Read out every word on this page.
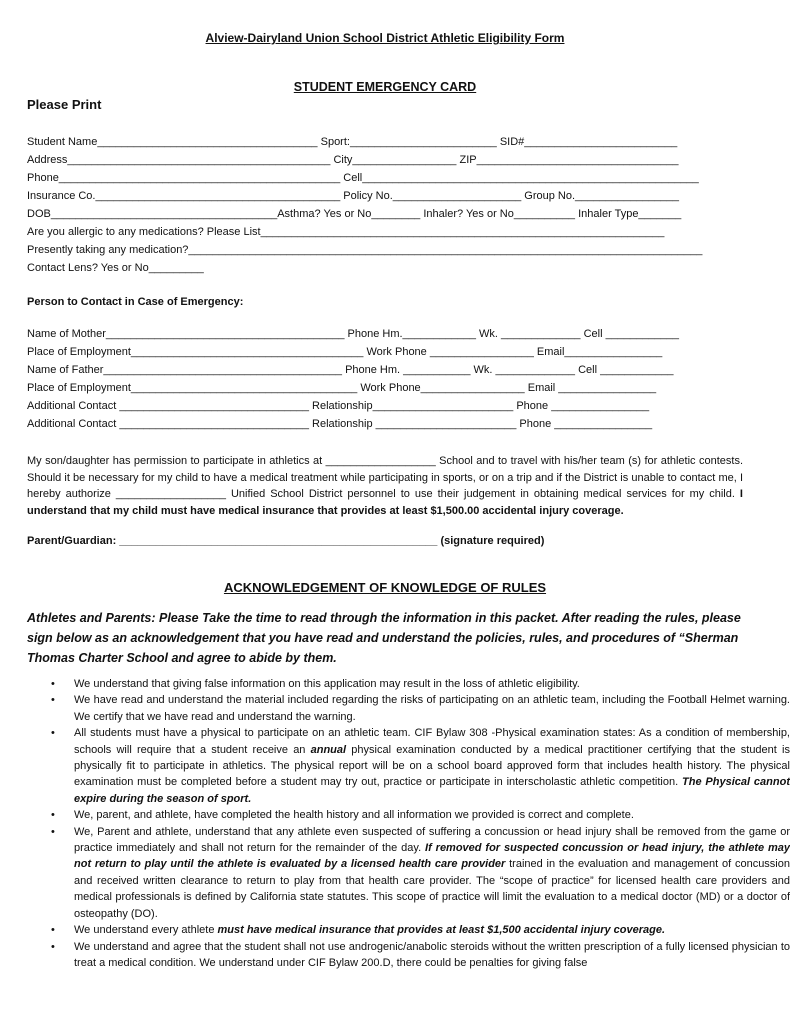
Alview-Dairyland Union School District Athletic Eligibility Form
STUDENT EMERGENCY CARD
Please Print
Student Name____________________________________ Sport:________________________ SID#_________________________
Address___________________________________________ City_________________ ZIP_________________________________
Phone______________________________________________ Cell_______________________________________________________
Insurance Co.________________________________________ Policy No._____________________ Group No._________________
DOB_____________________________________Asthma? Yes or No________ Inhaler? Yes or No__________ Inhaler Type_______
Are you allergic to any medications? Please List__________________________________________________________________
Presently taking any medication?____________________________________________________________________________________
Contact Lens? Yes or No_________
Person to Contact in Case of Emergency:
Name of Mother_______________________________________ Phone Hm.____________ Wk. _____________ Cell ____________
Place of Employment______________________________________ Work Phone _________________ Email________________
Name of Father_______________________________________ Phone Hm. ___________ Wk. _____________ Cell ____________
Place of Employment_____________________________________ Work Phone_________________ Email ________________
Additional Contact _______________________________ Relationship_______________________ Phone ________________
Additional Contact _______________________________ Relationship _______________________ Phone ________________
My son/daughter has permission to participate in athletics at __________________ School and to travel with his/her team (s) for athletic contests. Should it be necessary for my child to have a medical treatment while participating in sports, or on a trip and if the District is unable to contact me, I hereby authorize __________________ Unified School District personnel to use their judgement in obtaining medical services for my child. I understand that my child must have medical insurance that provides at least $1,500.00 accidental injury coverage.
Parent/Guardian: ____________________________________________________ (signature required)
ACKNOWLEDGEMENT OF KNOWLEDGE OF RULES
Athletes and Parents: Please Take the time to read through the information in this packet. After reading the rules, please sign below as an acknowledgement that you have read and understand the policies, rules, and procedures of “Sherman Thomas Charter School and agree to abide by them.
• We understand that giving false information on this application may result in the loss of athletic eligibility.
• We have read and understand the material included regarding the risks of participating on an athletic team, including the Football Helmet warning. We certify that we have read and understand the warning.
• All students must have a physical to participate on an athletic team. CIF Bylaw 308 -Physical examination states: As a condition of membership, schools will require that a student receive an annual physical examination conducted by a medical practitioner certifying that the student is physically fit to participate in athletics. The physical report will be on a school board approved form that includes health history. The physical examination must be completed before a student may try out, practice or participate in interscholastic athletic competition. The Physical cannot expire during the season of sport.
• We, parent, and athlete, have completed the health history and all information we provided is correct and complete.
• We, Parent and athlete, understand that any athlete even suspected of suffering a concussion or head injury shall be removed from the game or practice immediately and shall not return for the remainder of the day. If removed for suspected concussion or head injury, the athlete may not return to play until the athlete is evaluated by a licensed health care provider trained in the evaluation and management of concussion and received written clearance to return to play from that health care provider. The “scope of practice” for licensed health care providers and medical professionals is defined by California state statutes. This scope of practice will limit the evaluation to a medical doctor (MD) or a doctor of osteopathy (DO).
• We understand every athlete must have medical insurance that provides at least $1,500 accidental injury coverage.
• We understand and agree that the student shall not use androgenic/anabolic steroids without the written prescription of a fully licensed physician to treat a medical condition. We understand under CIF Bylaw 200.D, there could be penalties for giving false
